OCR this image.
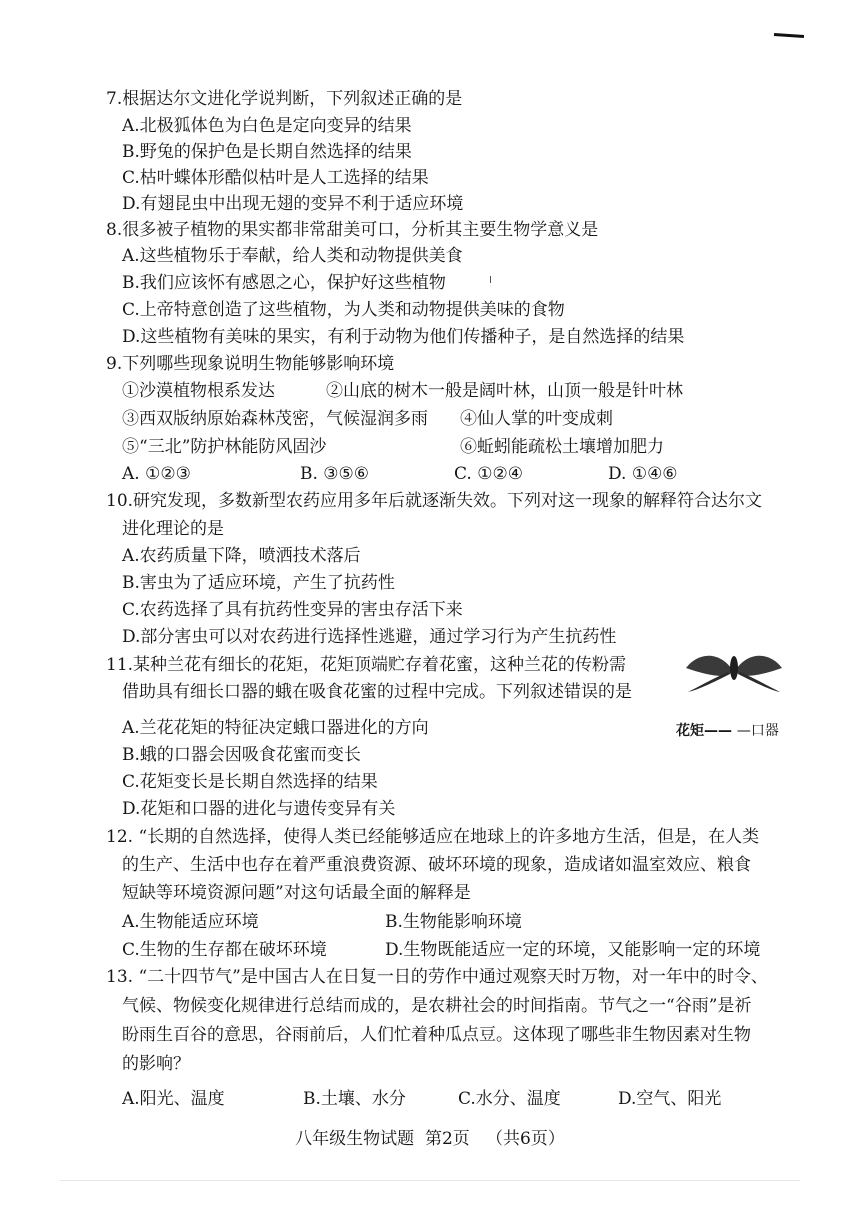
7.根据达尔文进化学说判断，下列叙述正确的是
A.北极狐体色为白色是定向变异的结果
B.野兔的保护色是长期自然选择的结果
C.枯叶蝶体形酷似枯叶是人工选择的结果
D.有翅昆虫中出现无翅的变异不利于适应环境
8.很多被子植物的果实都非常甜美可口，分析其主要生物学意义是
A.这些植物乐于奉献，给人类和动物提供美食
B.我们应该怀有感恩之心，保护好这些植物
C.上帝特意创造了这些植物，为人类和动物提供美味的食物
D.这些植物有美味的果实，有利于动物为他们传播种子，是自然选择的结果
9.下列哪些现象说明生物能够影响环境
①沙漠植物根系发达	②山底的树木一般是阔叶林，山顶一般是针叶林
③西双版纳原始森林茂密，气候湿润多雨 ④仙人掌的叶变成刺
⑤“三北”防护林能防风固沙	⑥蚯蚓能疏松土壤增加肥力
A. ①②③	B. ③⑤⑥	C. ①②④	D. ①④⑥
10.研究发现，多数新型农药应用多年后就逐渐失效。下列对这一现象的解释符合达尔文
进化理论的是
A.农药质量下降，喷洒技术落后
B.害虫为了适应环境，产生了抗药性
C.农药选择了具有抗药性变异的害虫存活下来
D.部分害虫可以对农药进行选择性逃避，通过学习行为产生抗药性
11.某种兰花有细长的花矩，花矩顶端贮存着花蜜，这种兰花的传粉需
借助具有细长口器的蛾在吸食花蜜的过程中完成。下列叙述错误的是
A.兰花花矩的特征决定蛾口器进化的方向
B.蛾的口器会因吸食花蜜而变长
C.花矩变长是长期自然选择的结果
D.花矩和口器的进化与遗传变异有关
花矩—— —口器
12. “长期的自然选择，使得人类已经能够适应在地球上的许多地方生活，但是，在人类
的生产、生活中也存在着严重浪费资源、破坏环境的现象，造成诸如温室效应、粮食
短缺等环境资源问题”对这句话最全面的解释是
A.生物能适应环境	B.生物能影响环境
C.生物的生存都在破坏环境	D.生物既能适应一定的环境，又能影响一定的环境
13. “二十四节气”是中国古人在日复一日的劳作中通过观察天时万物，对一年中的时令、
气候、物候变化规律进行总结而成的，是农耕社会的时间指南。节气之一“谷雨”是祈
盼雨生百谷的意思，谷雨前后，人们忙着种瓜点豆。这体现了哪些非生物因素对生物
的影响？
A.阳光、温度	B.土壤、水分	C.水分、温度	D.空气、阳光
八年级生物试题  第2页   （共6页）
